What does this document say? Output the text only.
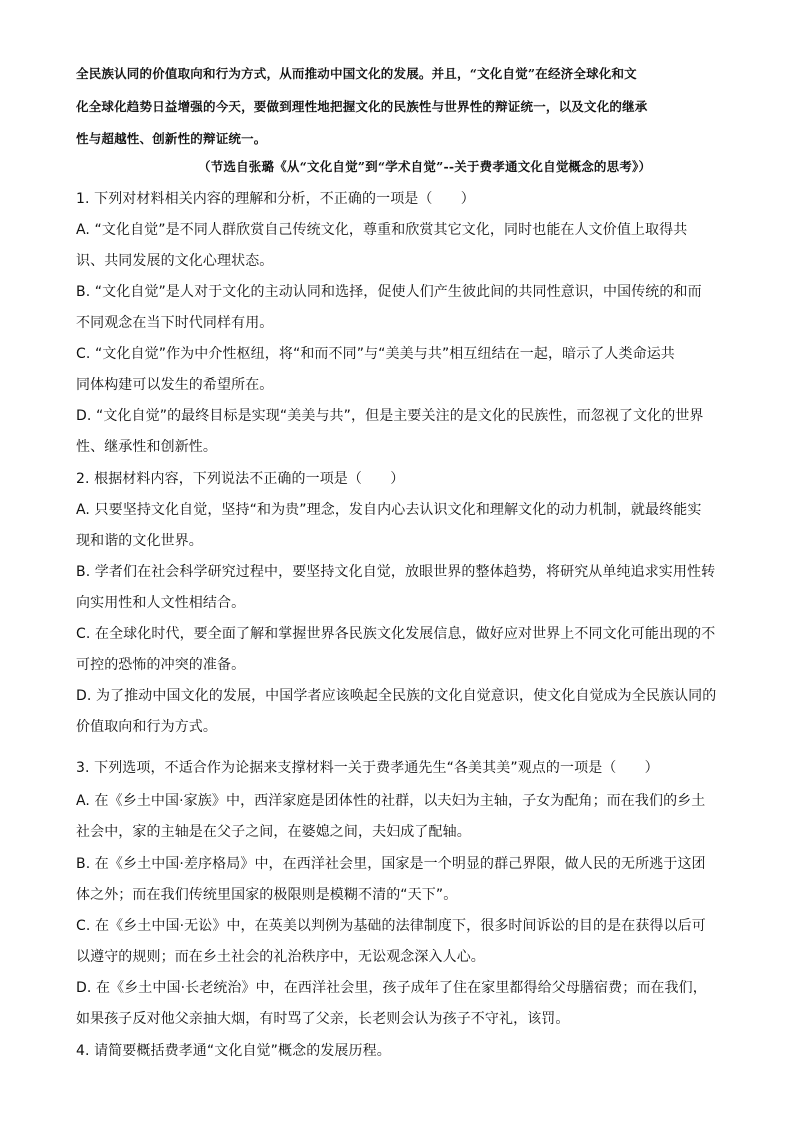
全民族认同的价值取向和行为方式，从而推动中国文化的发展。并且，“文化自觉”在经济全球化和文
化全球化趋势日益增强的今天，要做到理性地把握文化的民族性与世界性的辩证统一，以及文化的继承
性与超越性、创新性的辩证统一。
（节选自张璐《从“文化自觉”到“学术自觉”--关于费孝通文化自觉概念的思考》）
1. 下列对材料相关内容的理解和分析，不正确的一项是（　　）
A. “文化自觉”是不同人群欣赏自己传统文化，尊重和欣赏其它文化，同时也能在人文价值上取得共
识、共同发展的文化心理状态。
B. “文化自觉”是人对于文化的主动认同和选择，促使人们产生彼此间的共同性意识，中国传统的和而
不同观念在当下时代同样有用。
C. “文化自觉”作为中介性枢纽，将“和而不同”与“美美与共”相互纽结在一起，暗示了人类命运共
同体构建可以发生的希望所在。
D. “文化自觉”的最终目标是实现“美美与共”，但是主要关注的是文化的民族性，而忽视了文化的世界
性、继承性和创新性。
2. 根据材料内容，下列说法不正确的一项是（　　）
A. 只要坚持文化自觉，坚持“和为贵”理念，发自内心去认识文化和理解文化的动力机制，就最终能实
现和谐的文化世界。
B. 学者们在社会科学研究过程中，要坚持文化自觉，放眼世界的整体趋势，将研究从单纯追求实用性转
向实用性和人文性相结合。
C. 在全球化时代，要全面了解和掌握世界各民族文化发展信息，做好应对世界上不同文化可能出现的不
可控的恐怖的冲突的准备。
D. 为了推动中国文化的发展，中国学者应该唤起全民族的文化自觉意识，使文化自觉成为全民族认同的
价值取向和行为方式。
3. 下列选项，不适合作为论据来支撑材料一关于费孝通先生“各美其美”观点的一项是（　　）
A. 在《乡土中国·家族》中，西洋家庭是团体性的社群，以夫妇为主轴，子女为配角；而在我们的乡土
社会中，家的主轴是在父子之间，在婆媳之间，夫妇成了配轴。
B. 在《乡土中国·差序格局》中，在西洋社会里，国家是一个明显的群己界限，做人民的无所逃于这团
体之外；而在我们传统里国家的极限则是模糊不清的“天下”。
C. 在《乡土中国·无讼》中，在英美以判例为基础的法律制度下，很多时间诉讼的目的是在获得以后可
以遵守的规则；而在乡土社会的礼治秩序中，无讼观念深入人心。
D. 在《乡土中国·长老统治》中，在西洋社会里，孩子成年了住在家里都得给父母膳宿费；而在我们，
如果孩子反对他父亲抽大烟，有时骂了父亲，长老则会认为孩子不守礼，该罚。
4. 请简要概括费孝通“文化自觉”概念的发展历程。
